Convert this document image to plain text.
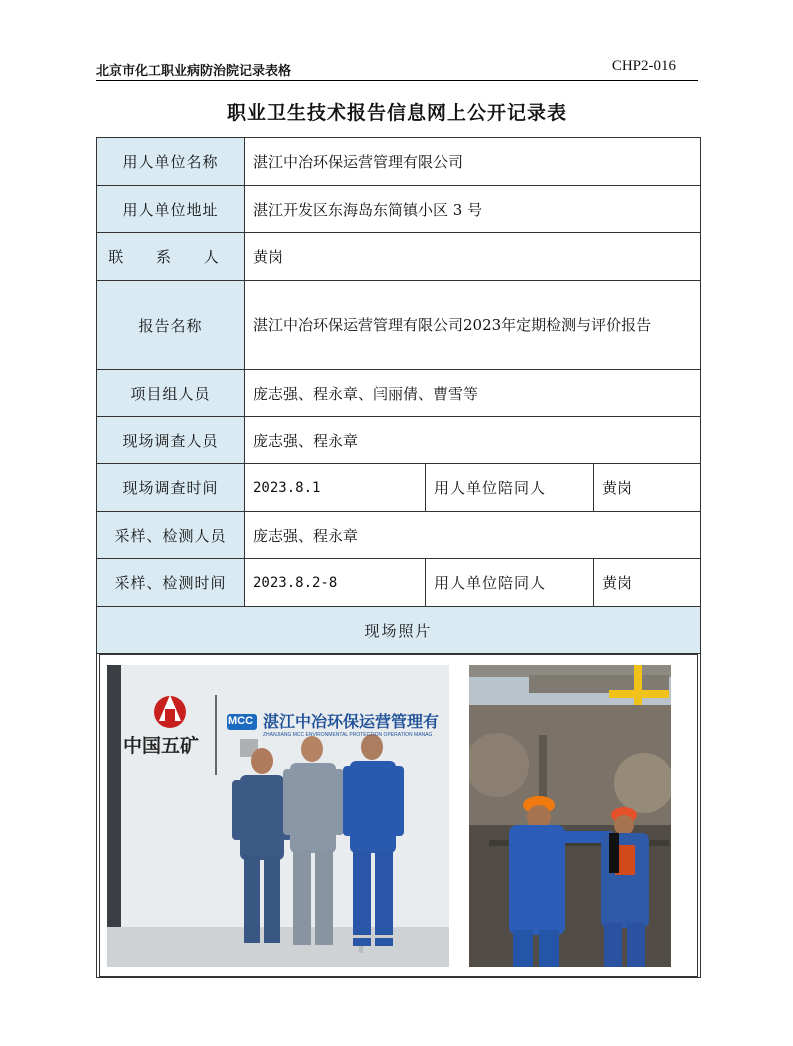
北京市化工职业病防治院记录表格	CHP2-016
职业卫生技术报告信息网上公开记录表
用人单位名称	湛江中冶环保运营管理有限公司		
用人单位地址	湛江开发区东海岛东简镇小区 3 号		
联 系 人	黄岗		
报告名称	湛江中冶环保运营管理有限公司2023年定期检测与评价报告		
项目组人员	庞志强、程永章、闫丽倩、曹雪等		
现场调查人员	庞志强、程永章		
现场调查时间	2023.8.1	用人单位陪同人	黄岗
采样、检测人员	庞志强、程永章		
采样、检测时间	2023.8.2-8	用人单位陪同人	黄岗
现场照片			

中国五矿
MCC 湛江中冶环保运营管理有
ZHANJIANG MCC ENVIRONMENTAL PROTECTION OPERATION MANAG			
